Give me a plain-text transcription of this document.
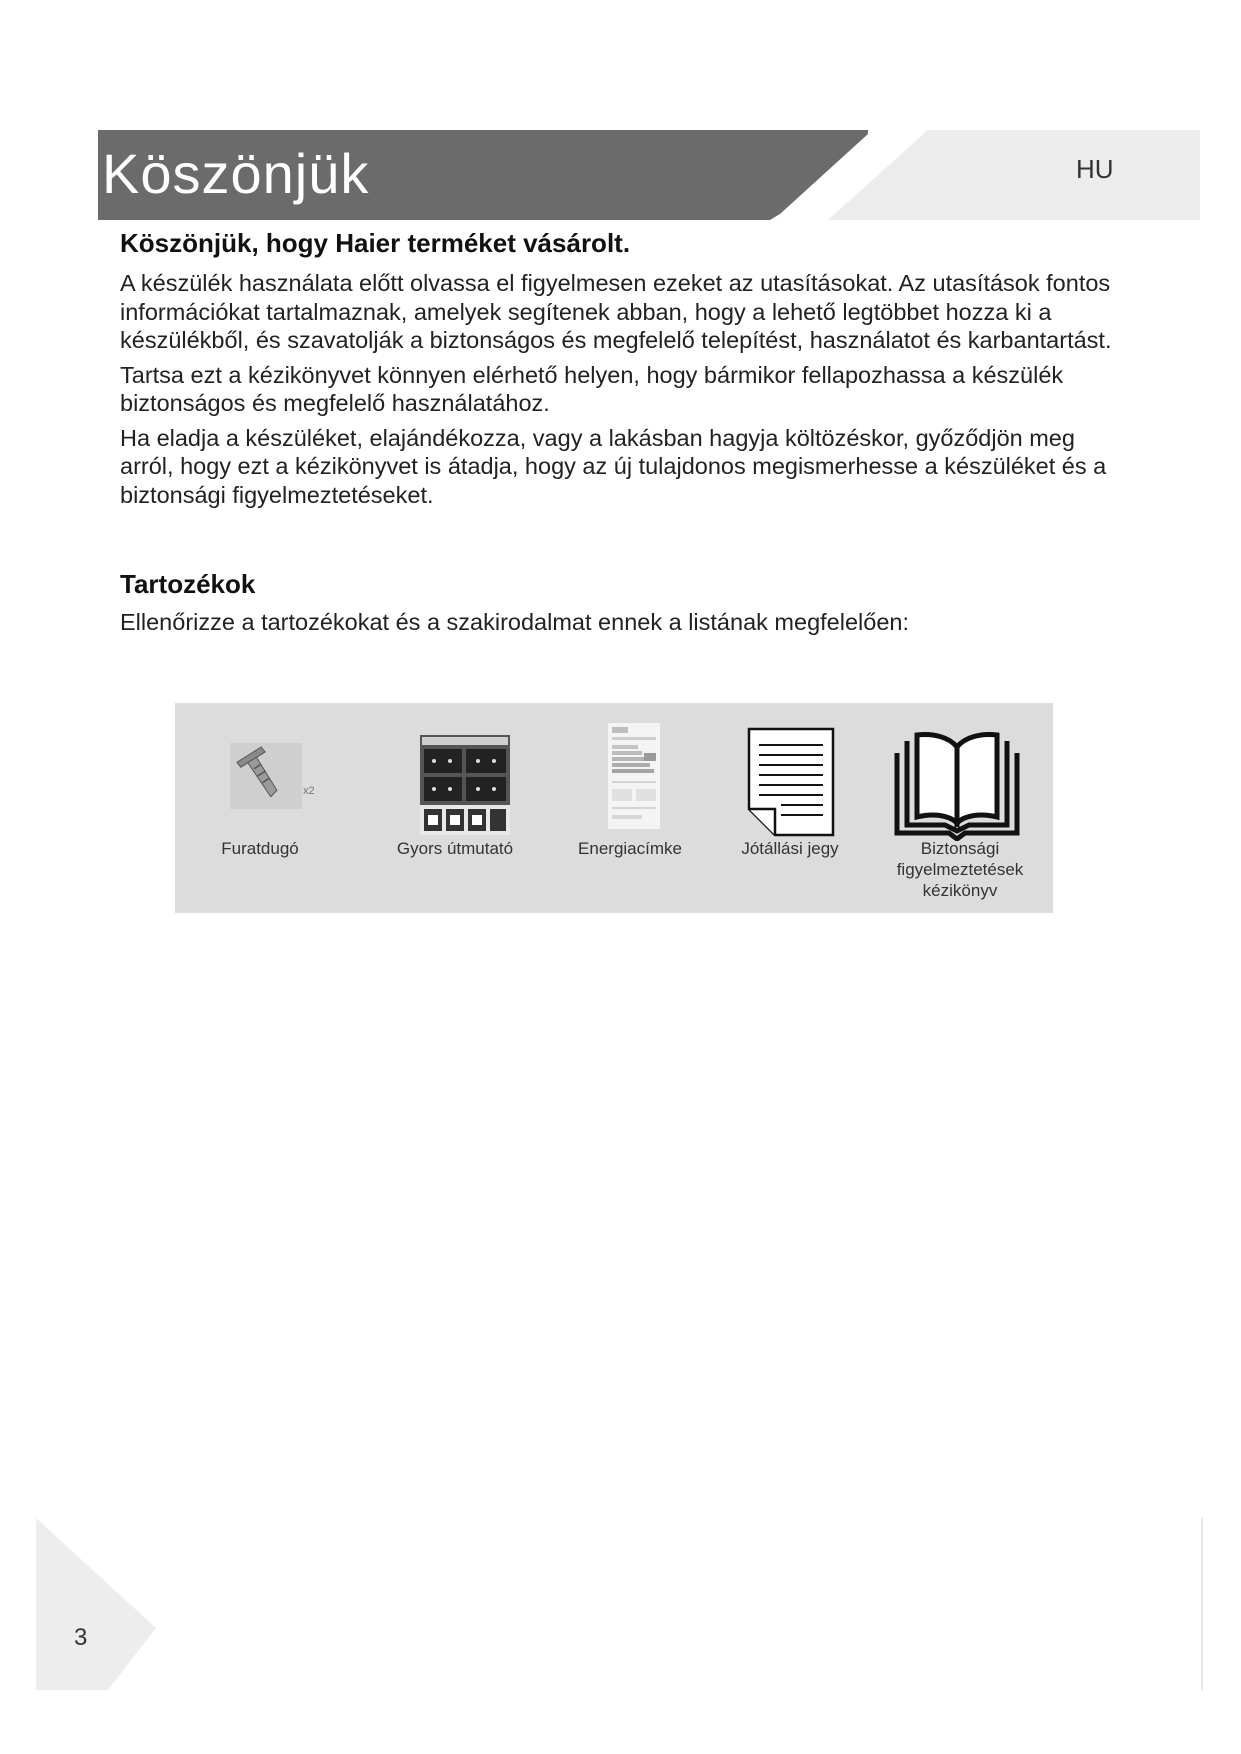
Köszönjük	HU
Köszönjük, hogy Haier terméket vásárolt.

A készülék használata előtt olvassa el figyelmesen ezeket az utasításokat. Az utasítások fontos információkat tartalmaznak, amelyek segítenek abban, hogy a lehető legtöbbet hozza ki a készülékből, és szavatolják a biztonságos és megfelelő telepítést, használatot és karbantartást.

Tartsa ezt a kézikönyvet könnyen elérhető helyen, hogy bármikor fellapozhassa a készülék biztonságos és megfelelő használatához.

Ha eladja a készüléket, elajándékozza, vagy a lakásban hagyja költözéskor, győződjön meg arról, hogy ezt a kézikönyvet is átadja, hogy az új tulajdonos megismerhesse a készüléket és a biztonsági figyelmeztetéseket.

Tartozékok

Ellenőrizze a tartozékokat és a szakirodalmat ennek a listának megfelelően:

x2
Furatdugó	Gyors útmutató	Energiacímke	Jótállási jegy	Biztonsági
figyelmeztetések
kézikönyv
3
